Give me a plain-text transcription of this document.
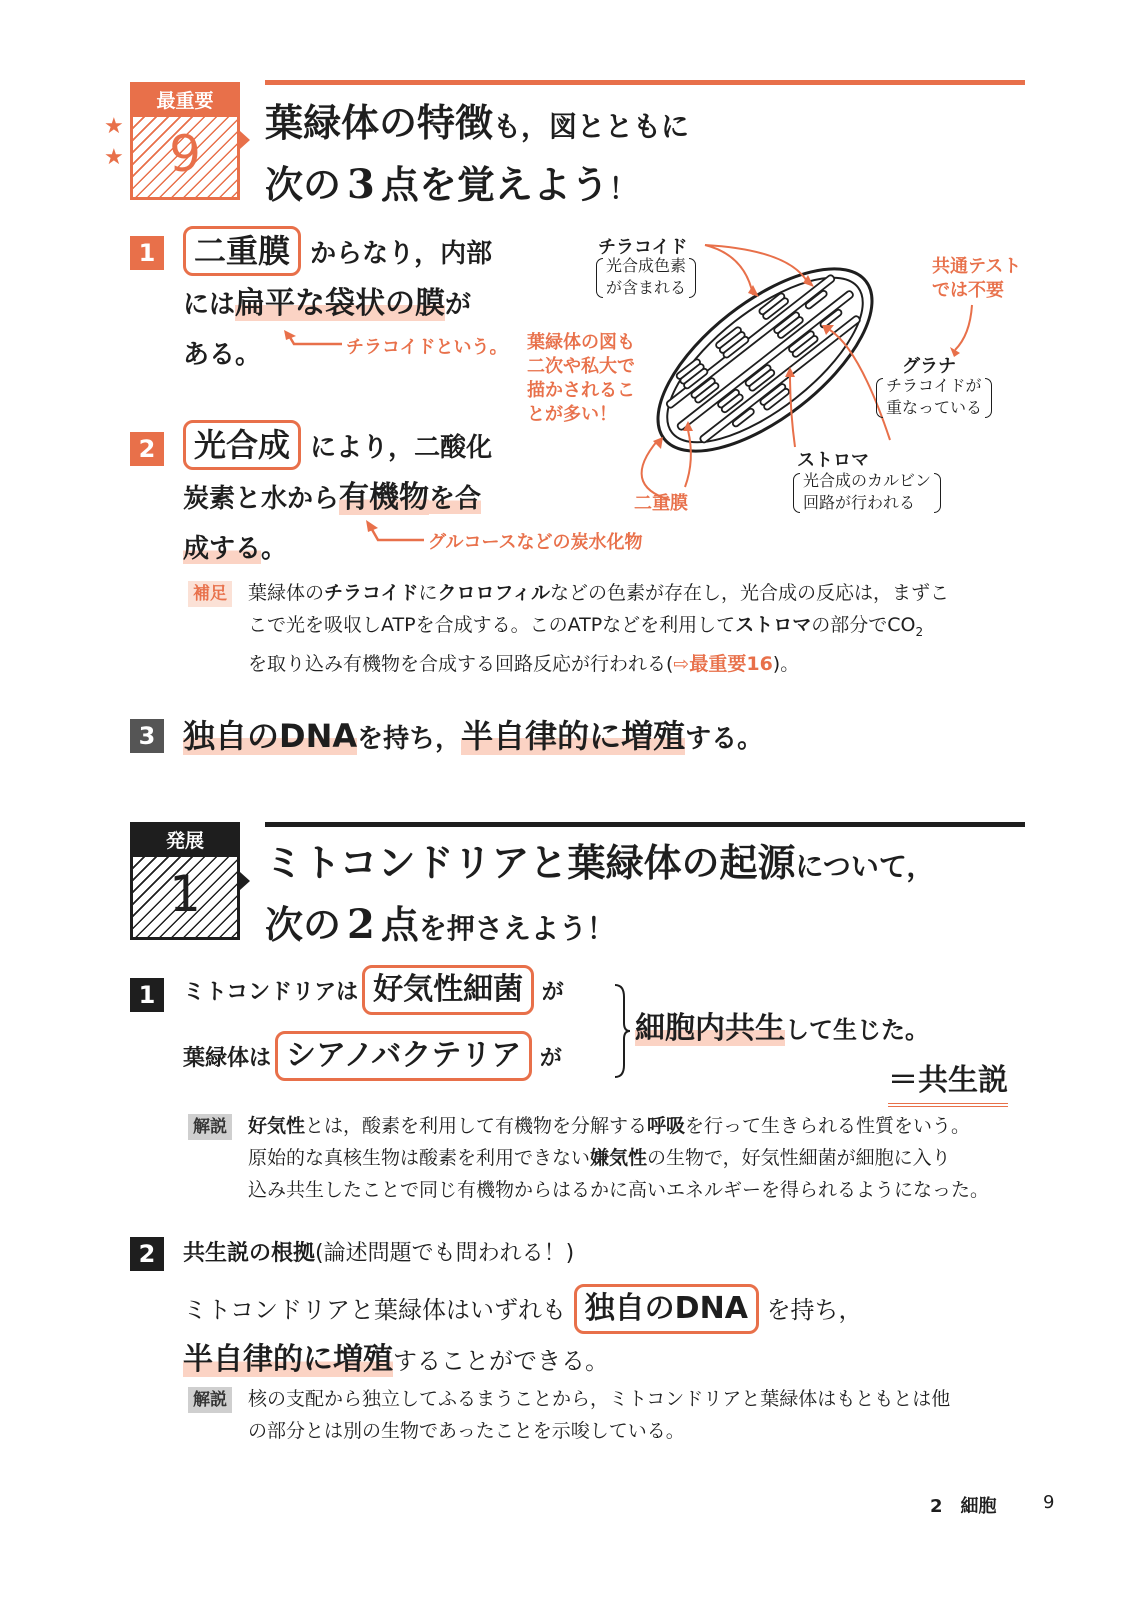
最重要
9
★
★
葉緑体の特徴も，図とともに
次の 3 点を覚えよう！
1	二重膜 からなり，内部
には扁平な袋状の膜が
ある。	チラコイドという。
2	光合成 により，二酸化
炭素と水から有機物を合
成する。	グルコースなどの炭水化物
チラコイド
光合成色素
が含まれる
共通テスト
では不要
グラナ
チラコイドが
重なっている
ストロマ
光合成のカルビン
回路が行われる
二重膜
葉緑体の図も
二次や私大で
描かされるこ
とが多い！
補足 葉緑体のチラコイドにクロロフィルなどの色素が存在し，光合成の反応は，まずこ
こで光を吸収しATPを合成する。このATPなどを利用してストロマの部分で$CO_2$
を取り込み有機物を合成する回路反応が行われる(⇨最重要16)。
3 独自のDNAを持ち，半自律的に増殖する。
発展
1
ミトコンドリアと葉緑体の起源について，
次の 2 点を押さえよう！
1	ミトコンドリアは 好気性細菌 が
葉緑体は シアノバクテリア が
細胞内共生して生じた。
＝共生説
解説 好気性とは，酸素を利用して有機物を分解する呼吸を行って生きられる性質をいう。
原始的な真核生物は酸素を利用できない嫌気性の生物で，好気性細菌が細胞に入り
込み共生したことで同じ有機物からはるかに高いエネルギーを得られるようになった。
2	共生説の根拠(論述問題でも問われる！)
ミトコンドリアと葉緑体はいずれも 独自のDNA を持ち，
半自律的に増殖することができる。
解説 核の支配から独立してふるまうことから，ミトコンドリアと葉緑体はもともとは他
の部分とは別の生物であったことを示唆している。
2　細胞	9
